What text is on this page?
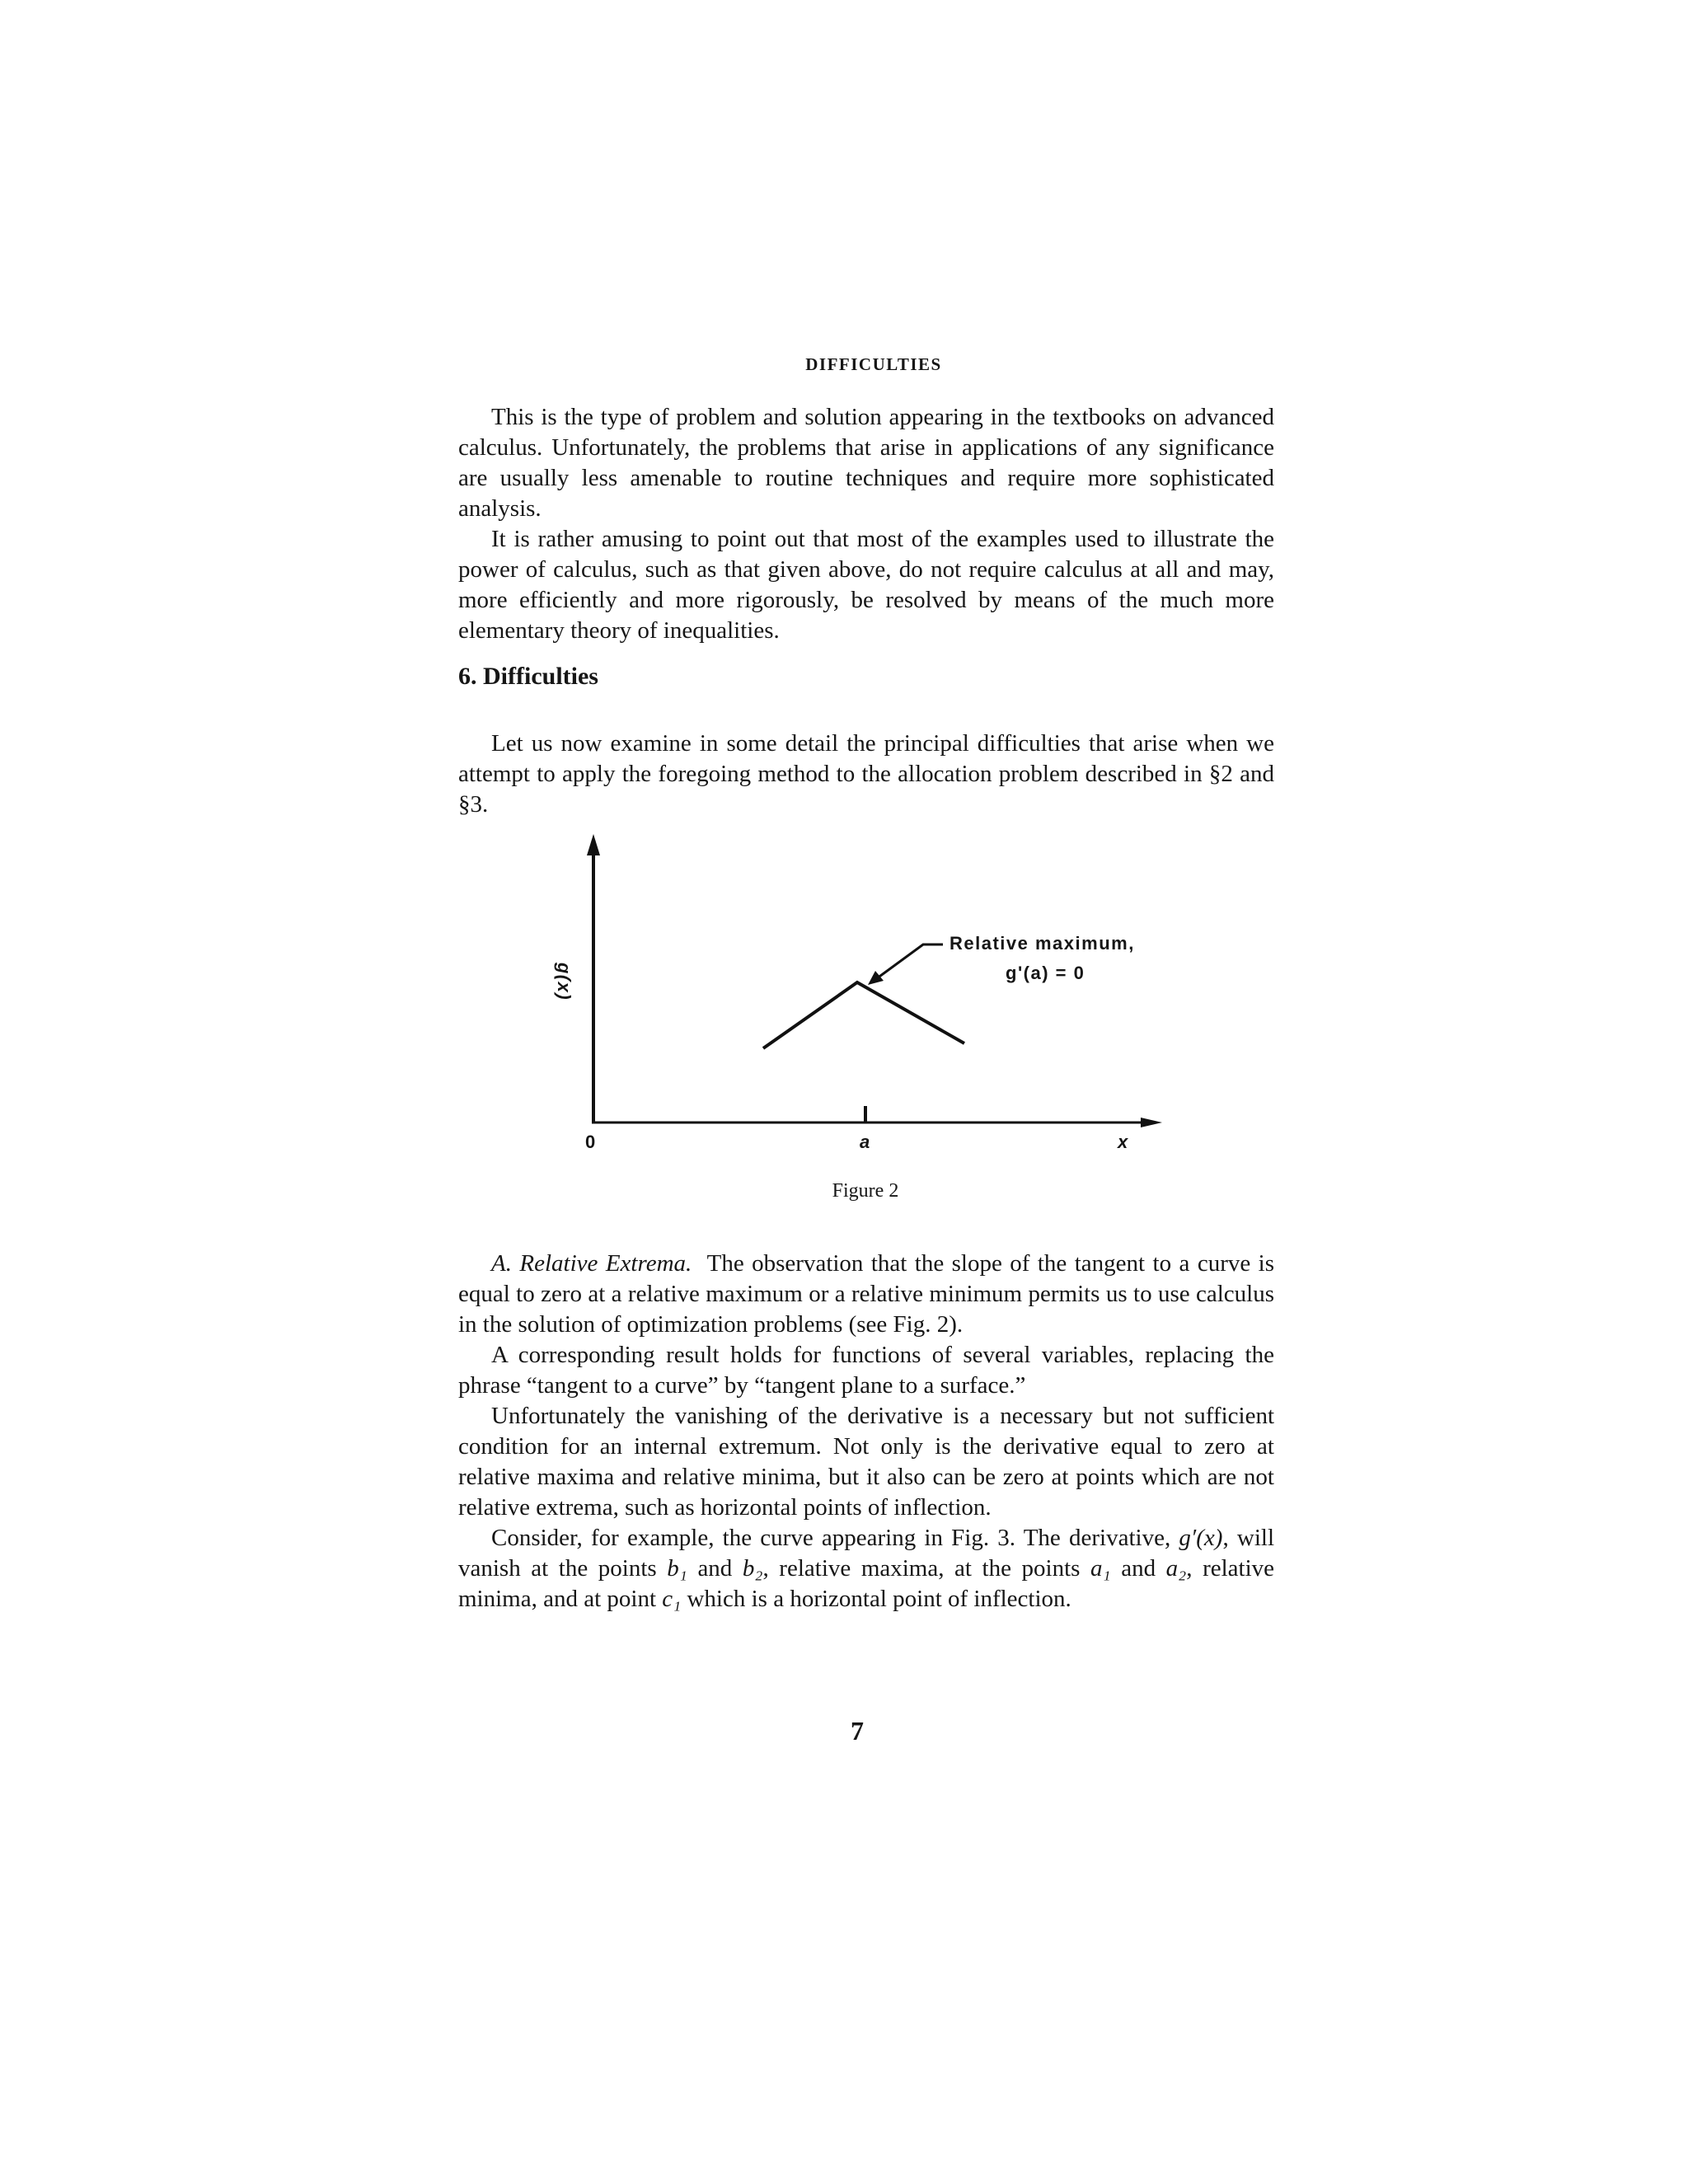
DIFFICULTIES

This is the type of problem and solution appearing in the textbooks on advanced calculus. Unfortunately, the problems that arise in applications of any significance are usually less amenable to routine techniques and require more sophisticated analysis.

It is rather amusing to point out that most of the examples used to illustrate the power of calculus, such as that given above, do not require calculus at all and may, more efficiently and more rigorously, be resolved by means of the much more elementary theory of inequalities.

6. Difficulties

Let us now examine in some detail the principal difficulties that arise when we attempt to apply the foregoing method to the allocation problem described in §2 and §3.

g(x)
0	a	x
Relative maximum,
g'(a) = 0
Figure 2

A. Relative Extrema. The observation that the slope of the tangent to a curve is equal to zero at a relative maximum or a relative minimum permits us to use calculus in the solution of optimization problems (see Fig. 2).

A corresponding result holds for functions of several variables, replacing the phrase “tangent to a curve” by “tangent plane to a surface.”

Unfortunately the vanishing of the derivative is a necessary but not sufficient condition for an internal extremum. Not only is the derivative equal to zero at relative maxima and relative minima, but it also can be zero at points which are not relative extrema, such as horizontal points of inflection.

Consider, for example, the curve appearing in Fig. 3. The derivative, g′(x), will vanish at the points b₁ and b₂, relative maxima, at the points a₁ and a₂, relative minima, and at point c₁ which is a horizontal point of inflection.

7
